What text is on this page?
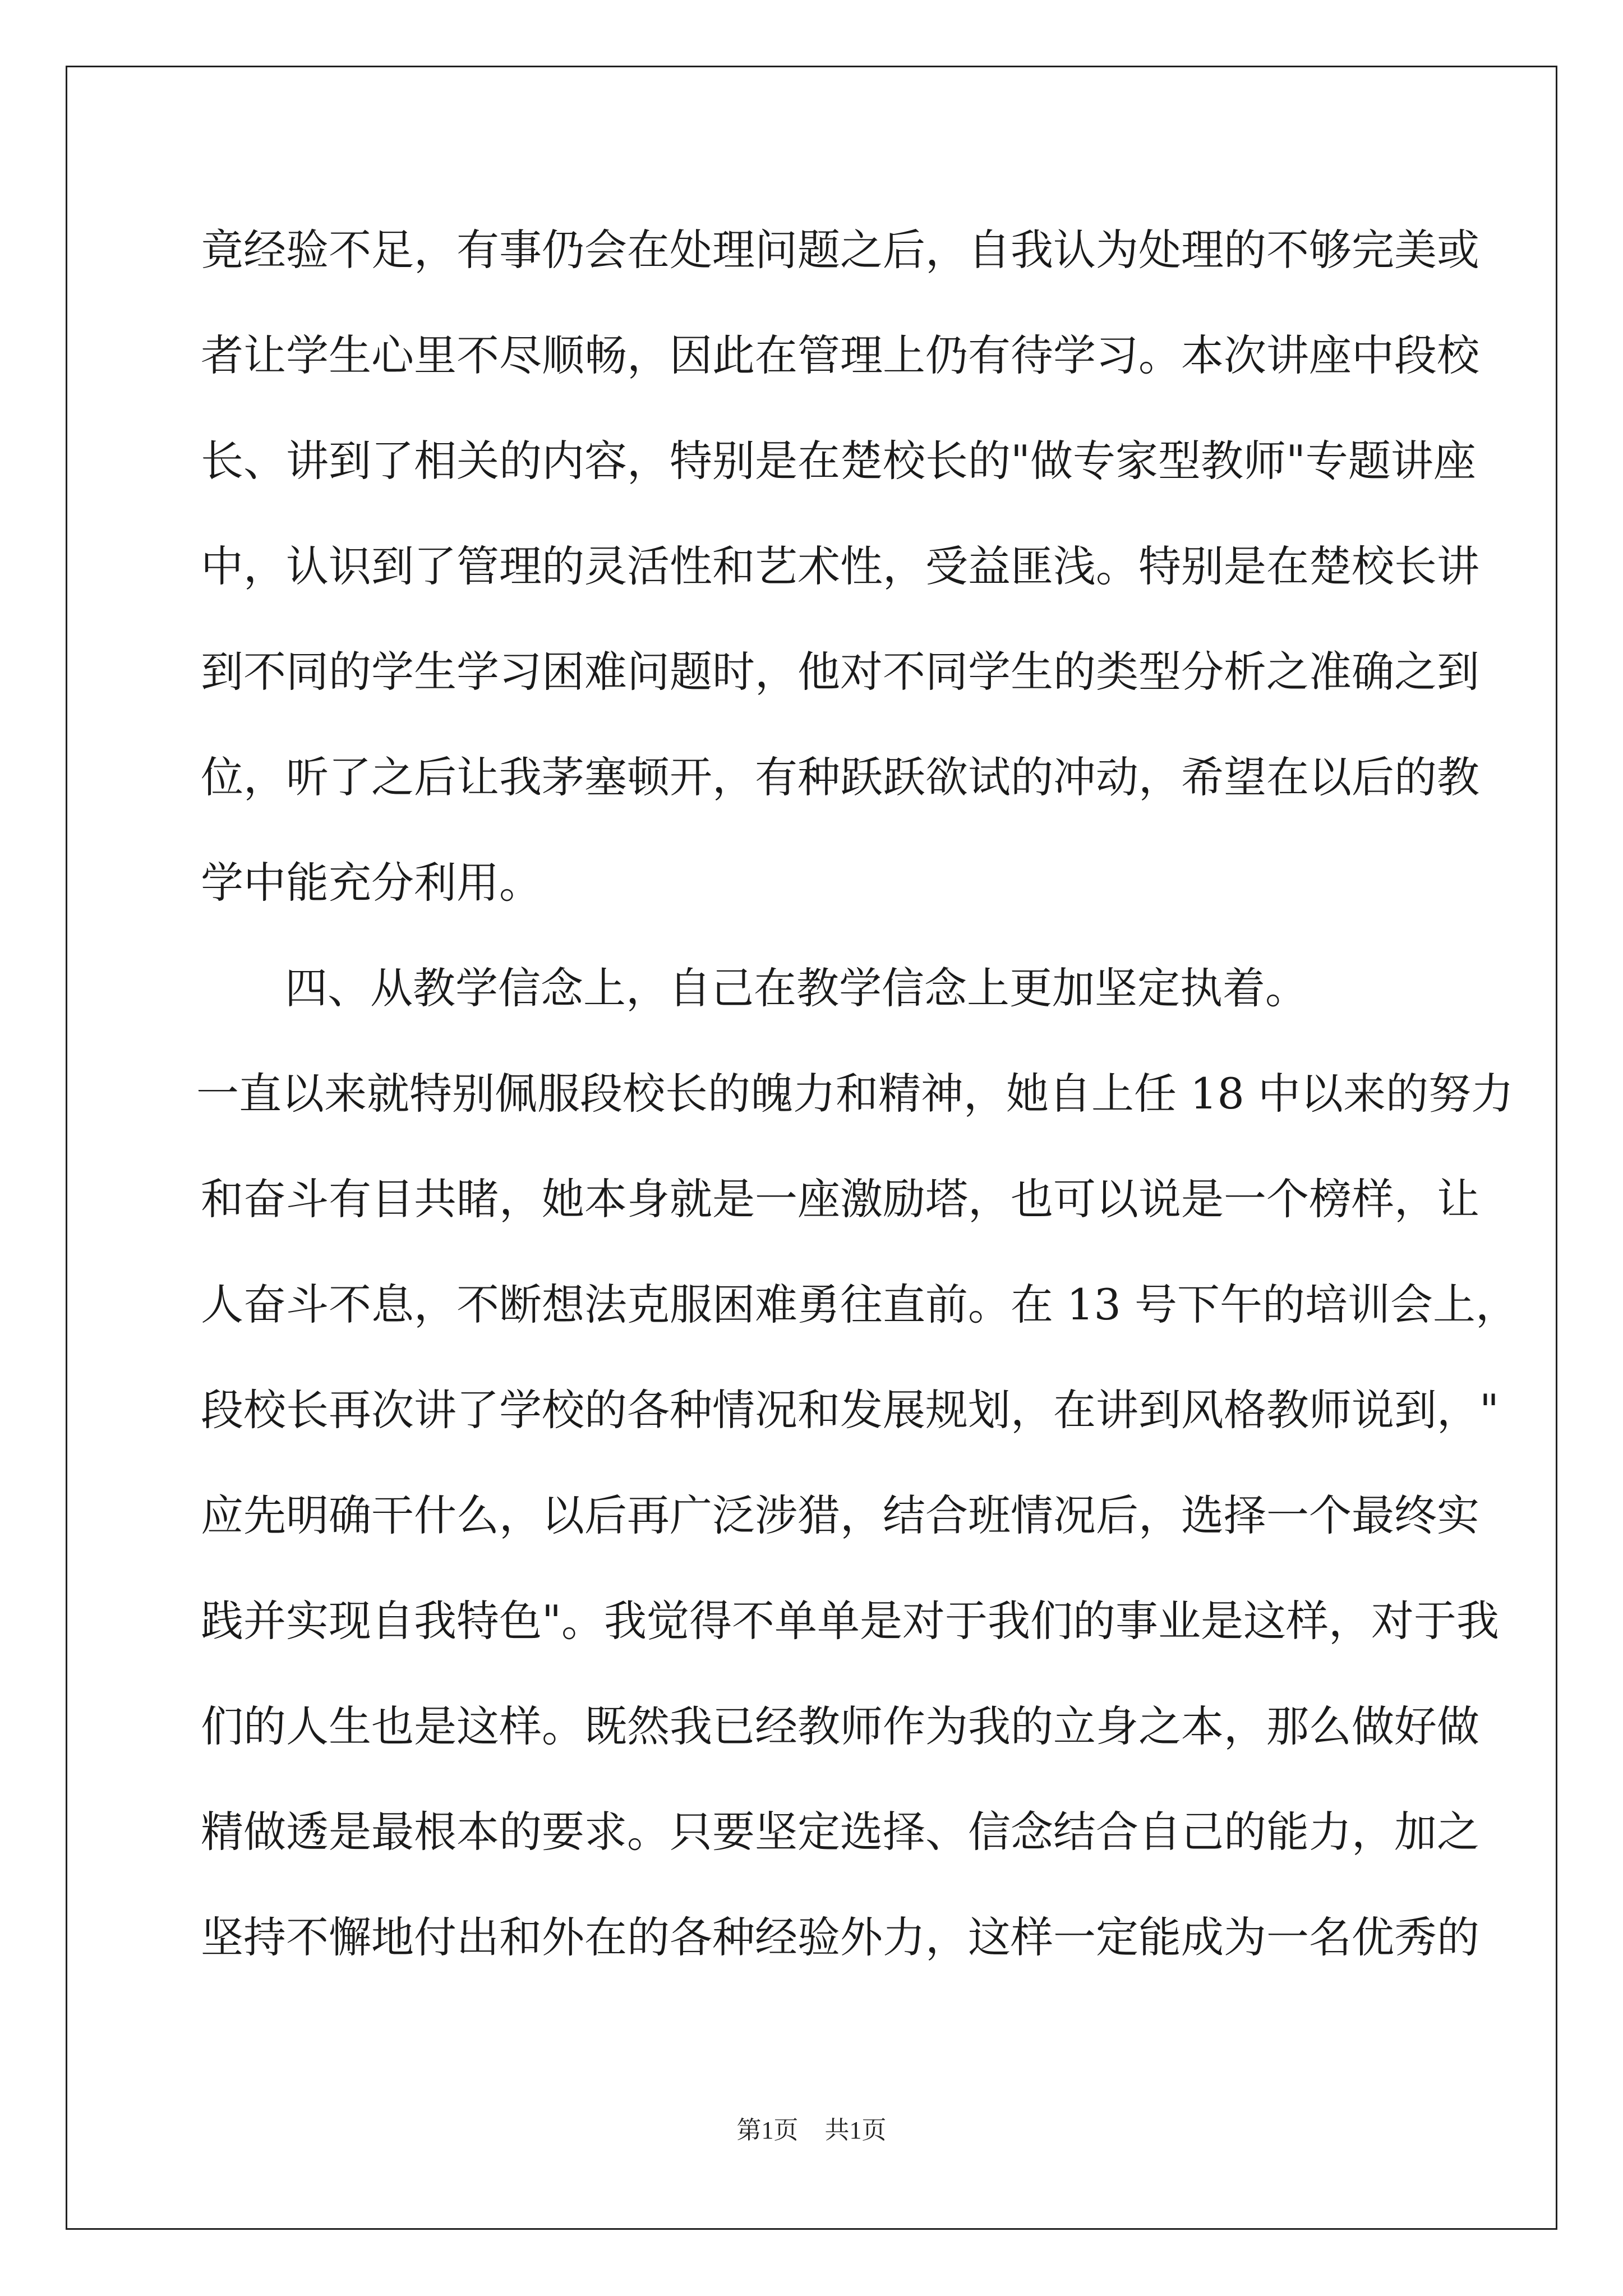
竟经验不足，有事仍会在处理问题之后，自我认为处理的不够完美或
者让学生心里不尽顺畅，因此在管理上仍有待学习。本次讲座中段校
长、讲到了相关的内容，特别是在楚校长的"做专家型教师"专题讲座
中，认识到了管理的灵活性和艺术性，受益匪浅。特别是在楚校长讲
到不同的学生学习困难问题时，他对不同学生的类型分析之准确之到
位，听了之后让我茅塞顿开，有种跃跃欲试的冲动，希望在以后的教
学中能充分利用。
四、从教学信念上，自己在教学信念上更加坚定执着。
一直以来就特别佩服段校长的魄力和精神，她自上任 18 中以来的努力
和奋斗有目共睹，她本身就是一座激励塔，也可以说是一个榜样，让
人奋斗不息，不断想法克服困难勇往直前。在 13 号下午的培训会上，
段校长再次讲了学校的各种情况和发展规划，在讲到风格教师说到，"
应先明确干什么，以后再广泛涉猎，结合班情况后，选择一个最终实
践并实现自我特色"。我觉得不单单是对于我们的事业是这样，对于我
们的人生也是这样。既然我已经教师作为我的立身之本，那么做好做
精做透是最根本的要求。只要坚定选择、信念结合自己的能力，加之
坚持不懈地付出和外在的各种经验外力，这样一定能成为一名优秀的
第1页 共1页
